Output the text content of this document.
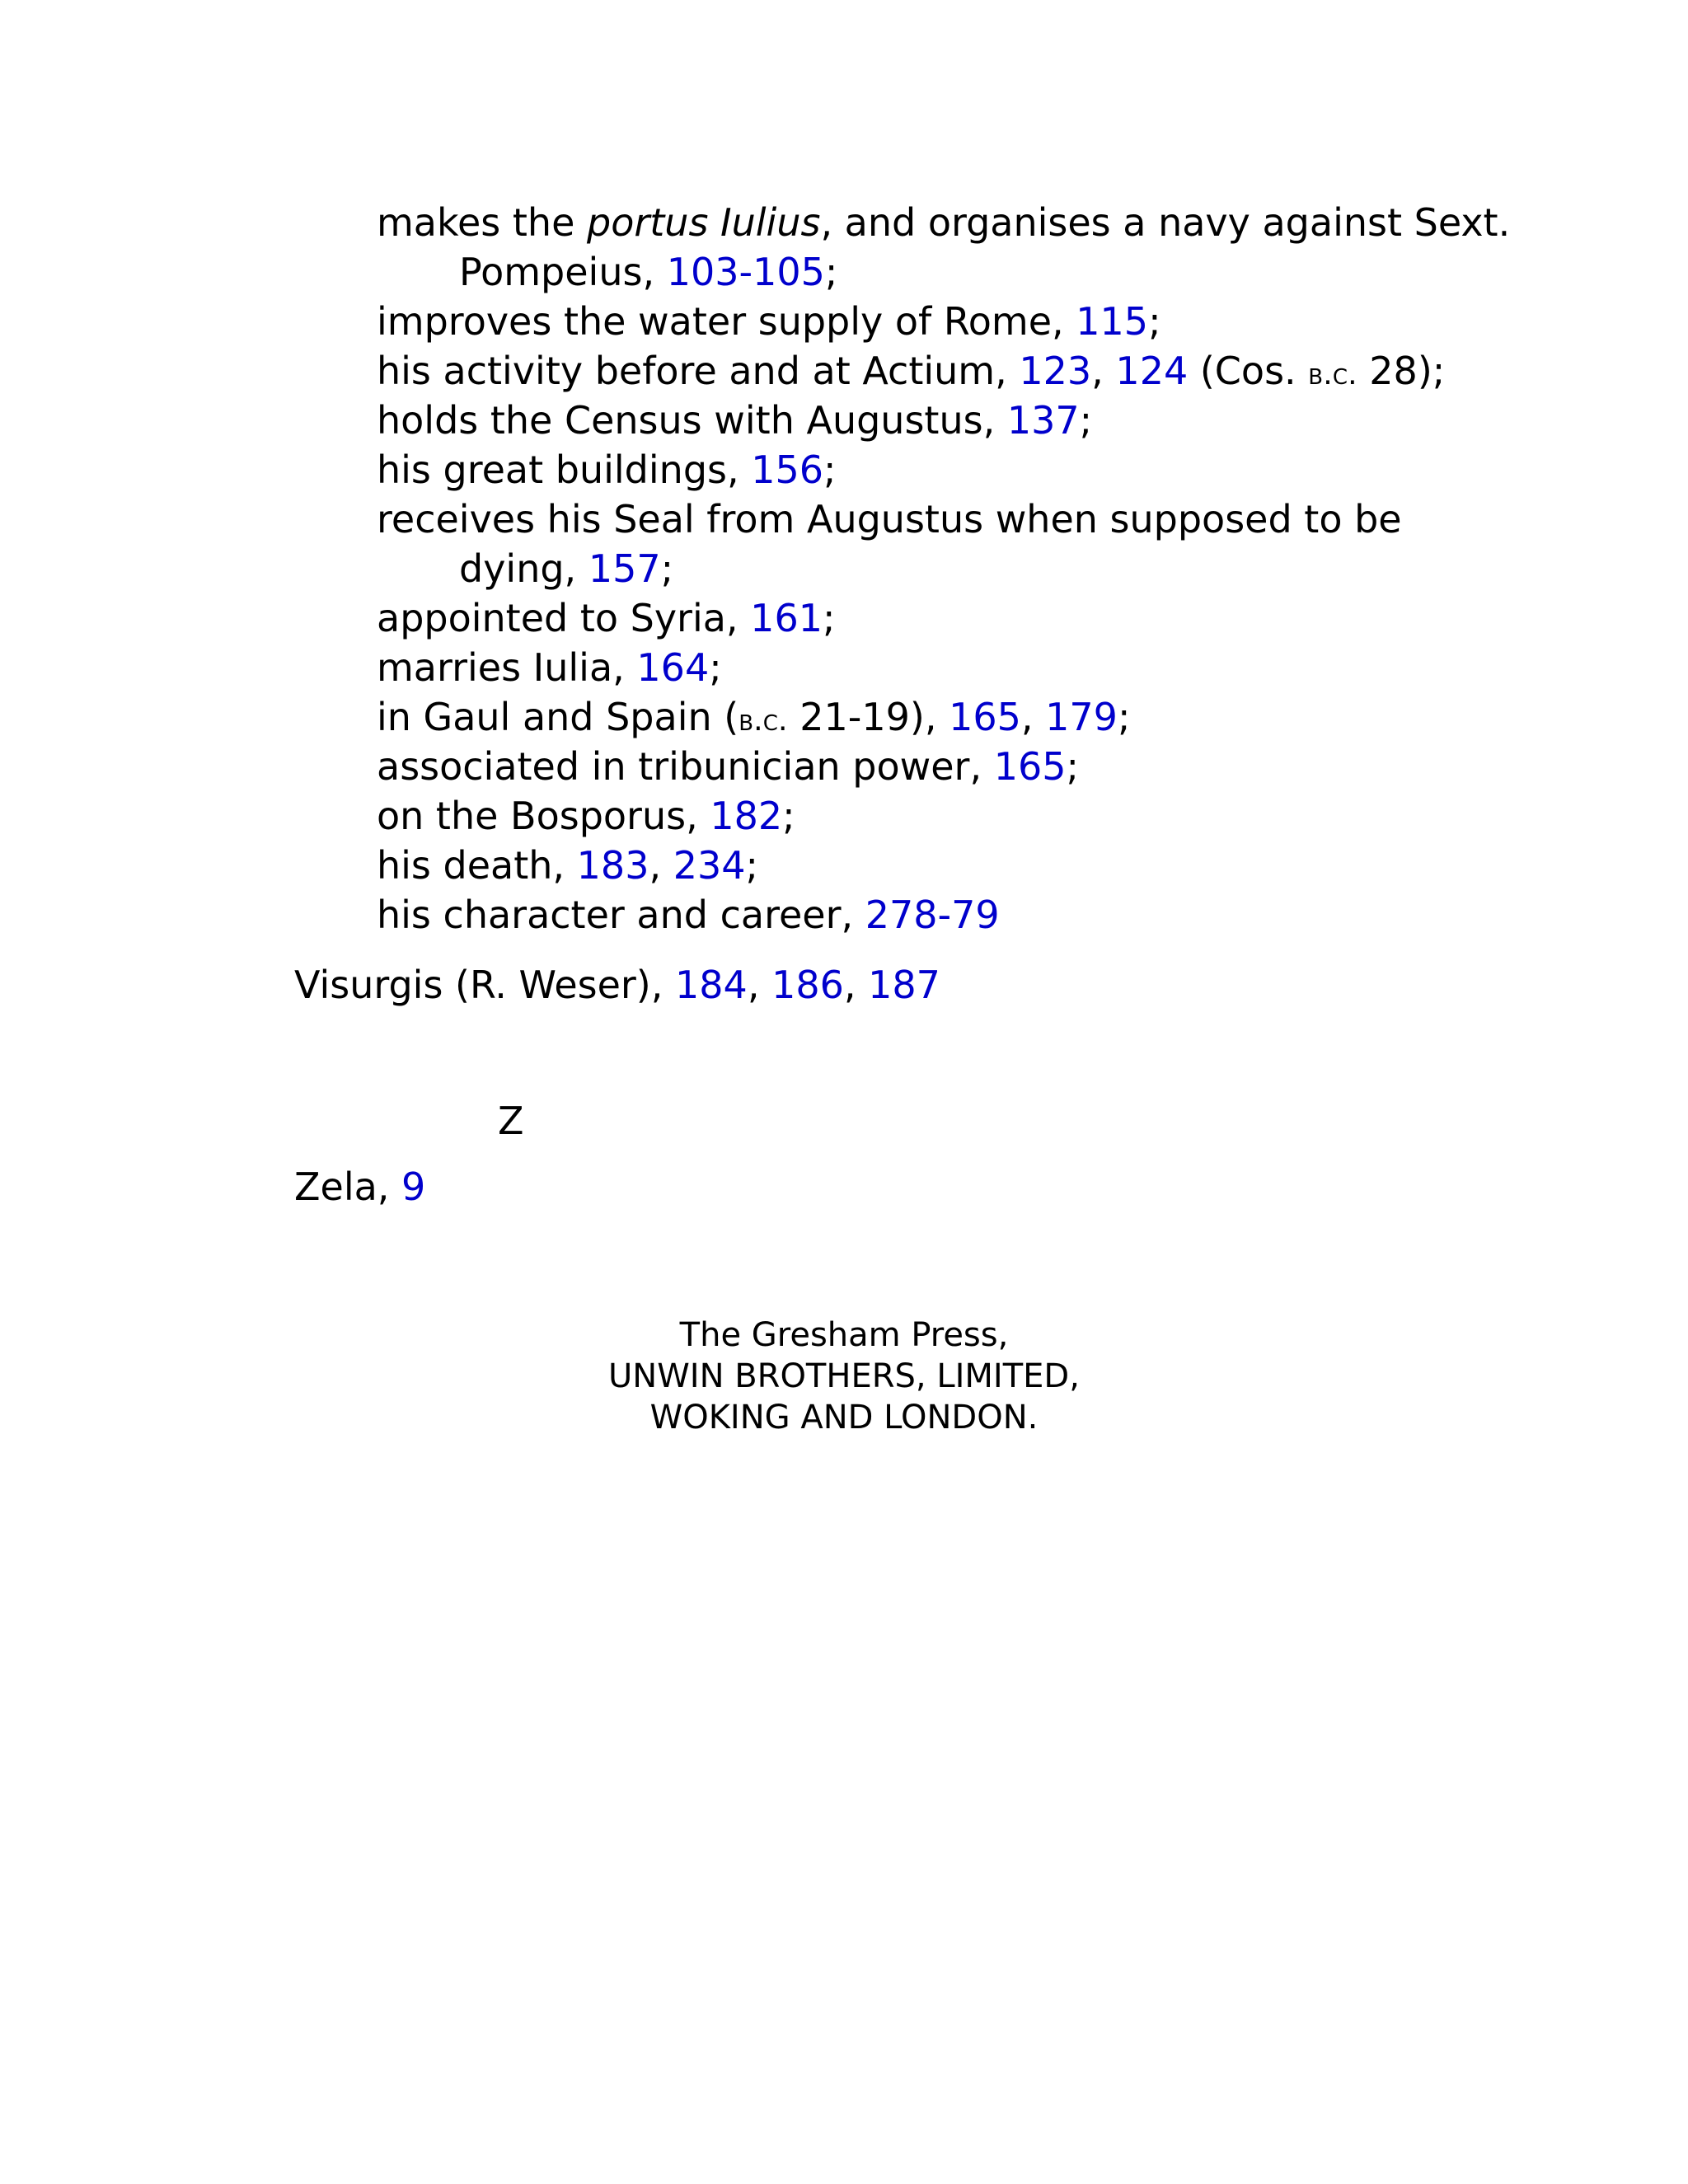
makes the portus Iulius, and organises a navy against Sext.
Pompeius, 103-105;
improves the water supply of Rome, 115;
his activity before and at Actium, 123, 124 (Cos. b.c. 28);
holds the Census with Augustus, 137;
his great buildings, 156;
receives his Seal from Augustus when supposed to be
dying, 157;
appointed to Syria, 161;
marries Iulia, 164;
in Gaul and Spain (b.c. 21-19), 165, 179;
associated in tribunician power, 165;
on the Bosporus, 182;
his death, 183, 234;
his character and career, 278-79
Visurgis (R. Weser), 184, 186, 187
Z
Zela, 9
The Gresham Press,
UNWIN BROTHERS, LIMITED,
WOKING AND LONDON.
